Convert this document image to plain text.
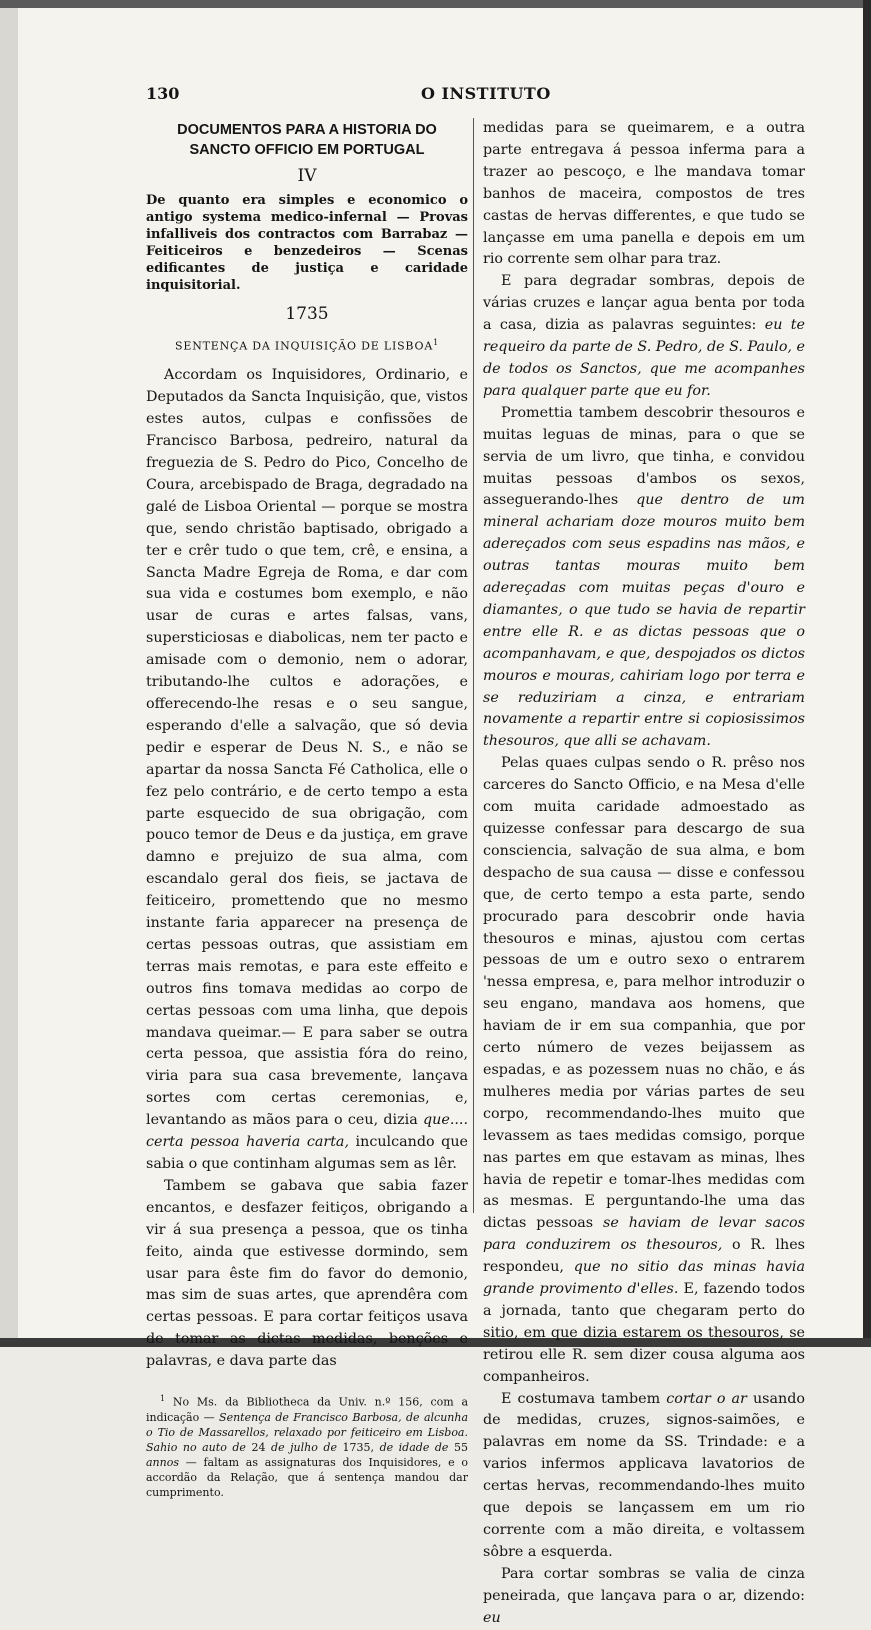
130	O INSTITUTO
DOCUMENTOS PARA A HISTORIA DO SANCTO OFFICIO EM PORTUGAL
IV
De quanto era simples e economico o antigo systema medico-infernal — Provas infalliveis dos contractos com Barrabaz — Feiticeiros e benzedeiros — Scenas edificantes de justiça e caridade inquisitorial.
1735
SENTENÇA DA INQUISIÇÃO DE LISBOA$^1$

Accordam os Inquisidores, Ordinario, e Deputados da Sancta Inquisição, que, vistos estes autos, culpas e confissões de Francisco Barbosa, pedreiro, natural da freguezia de S. Pedro do Pico, Concelho de Coura, arcebispado de Braga, degradado na galé de Lisboa Oriental — porque se mostra que, sendo christão baptisado, obrigado a ter e crêr tudo o que tem, crê, e ensina, a Sancta Madre Egreja de Roma, e dar com sua vida e costumes bom exemplo, e não usar de curas e artes falsas, vans, supersticiosas e diabolicas, nem ter pacto e amisade com o demonio, nem o adorar, tributando-lhe cultos e adorações, e offerecendo-lhe resas e o seu sangue, esperando d'elle a salvação, que só devia pedir e esperar de Deus N. S., e não se apartar da nossa Sancta Fé Catholica, elle o fez pelo contrário, e de certo tempo a esta parte esquecido de sua obrigação, com pouco temor de Deus e da justiça, em grave damno e prejuizo de sua alma, com escandalo geral dos fieis, se jactava de feiticeiro, promettendo que no mesmo instante faria apparecer na presença de certas pessoas outras, que assistiam em terras mais remotas, e para este effeito e outros fins tomava medidas ao corpo de certas pessoas com uma linha, que depois mandava queimar.— E para saber se outra certa pessoa, que assistia fóra do reino, viria para sua casa brevemente, lançava sortes com certas ceremonias, e, levantando as mãos para o ceu, dizia que.... certa pessoa haveria carta, inculcando que sabia o que continham algumas sem as lêr.

Tambem se gabava que sabia fazer encantos, e desfazer feitiços, obrigando a vir á sua presença a pessoa, que os tinha feito, ainda que estivesse dormindo, sem usar para êste fim do favor do demonio, mas sim de suas artes, que aprendêra com certas pessoas. E para cortar feitiços usava de tomar as dictas medidas, benções e palavras, e dava parte das

$^1$ No Ms. da Bibliotheca da Univ. n.º 156, com a indicação — Sentença de Francisco Barbosa, de alcunha o Tio de Massarellos, relaxado por feiticeiro em Lisboa. Sahio no auto de 24 de julho de 1735, de idade de 55 annos — faltam as assignaturas dos Inquisidores, e o accordão da Relação, que á sentença mandou dar cumprimento.

medidas para se queimarem, e a outra parte entregava á pessoa inferma para a trazer ao pescoço, e lhe mandava tomar banhos de maceira, compostos de tres castas de hervas differentes, e que tudo se lançasse em uma panella e depois em um rio corrente sem olhar para traz.

E para degradar sombras, depois de várias cruzes e lançar agua benta por toda a casa, dizia as palavras seguintes: eu te requeiro da parte de S. Pedro, de S. Paulo, e de todos os Sanctos, que me acompanhes para qualquer parte que eu for.

Promettia tambem descobrir thesouros e muitas leguas de minas, para o que se servia de um livro, que tinha, e convidou muitas pessoas d'ambos os sexos, asseguerando-lhes que dentro de um mineral achariam doze mouros muito bem adereçados com seus espadins nas mãos, e outras tantas mouras muito bem adereçadas com muitas peças d'ouro e diamantes, o que tudo se havia de repartir entre elle R. e as dictas pessoas que o acompanhavam, e que, despojados os dictos mouros e mouras, cahiriam logo por terra e se reduziriam a cinza, e entrariam novamente a repartir entre si copiosissimos thesouros, que alli se achavam.

Pelas quaes culpas sendo o R. prêso nos carceres do Sancto Officio, e na Mesa d'elle com muita caridade admoestado as quizesse confessar para descargo de sua consciencia, salvação de sua alma, e bom despacho de sua causa — disse e confessou que, de certo tempo a esta parte, sendo procurado para descobrir onde havia thesouros e minas, ajustou com certas pessoas de um e outro sexo o entrarem 'nessa empresa, e, para melhor introduzir o seu engano, mandava aos homens, que haviam de ir em sua companhia, que por certo número de vezes beijassem as espadas, e as pozessem nuas no chão, e ás mulheres media por várias partes de seu corpo, recommendando-lhes muito que levassem as taes medidas comsigo, porque nas partes em que estavam as minas, lhes havia de repetir e tomar-lhes medidas com as mesmas. E perguntando-lhe uma das dictas pessoas se haviam de levar sacos para conduzirem os thesouros, o R. lhes respondeu, que no sitio das minas havia grande provimento d'elles. E, fazendo todos a jornada, tanto que chegaram perto do sitio, em que dizia estarem os thesouros, se retirou elle R. sem dizer cousa alguma aos companheiros.

E costumava tambem cortar o ar usando de medidas, cruzes, signos-saimões, e palavras em nome da SS. Trindade: e a varios infermos applicava lavatorios de certas hervas, recommendando-lhes muito que depois se lançassem em um rio corrente com a mão direita, e voltassem sôbre a esquerda.

Para cortar sombras se valia de cinza peneirada, que lançava para o ar, dizendo: eu
